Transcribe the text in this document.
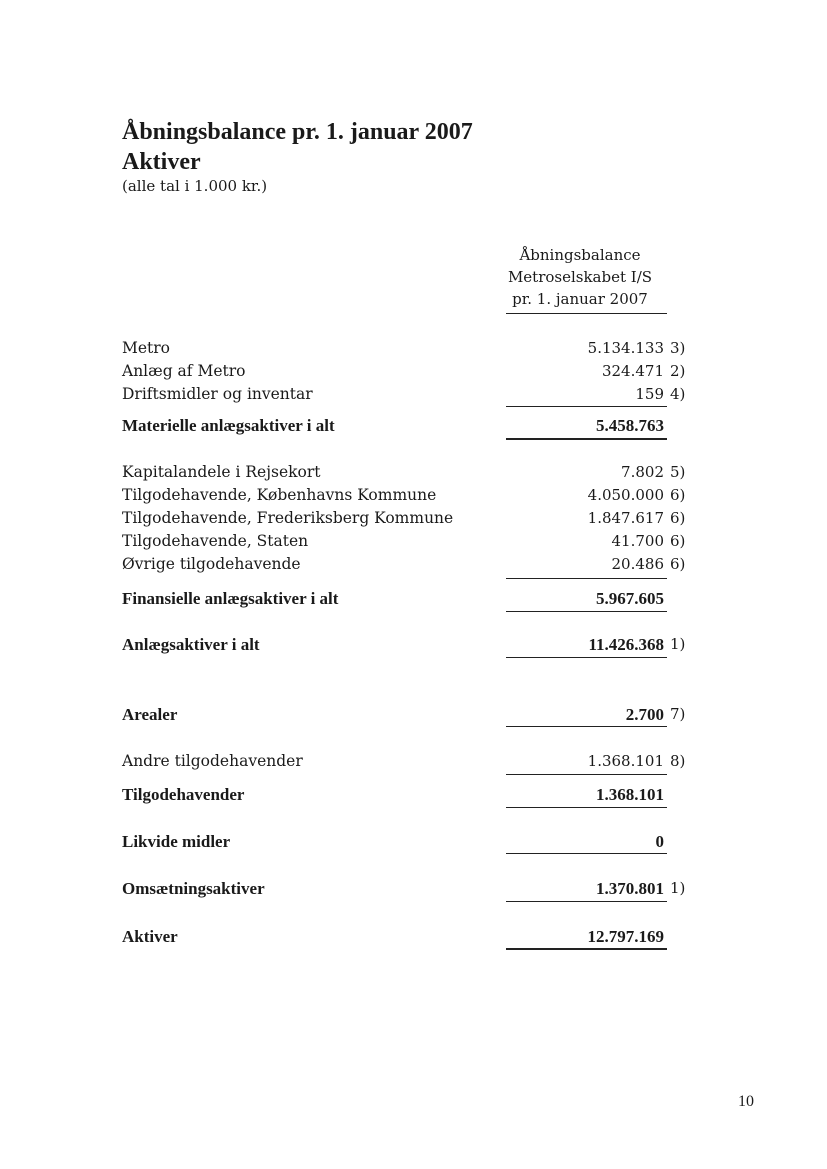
Åbningsbalance pr. 1. januar 2007
Aktiver
(alle tal i 1.000 kr.)
Åbningsbalance
Metroselskabet I/S
pr. 1. januar 2007
Metro	5.134.133 3)
Anlæg af Metro	324.471 2)
Driftsmidler og inventar	159 4)
Materielle anlægsaktiver i alt	5.458.763
Kapitalandele i Rejsekort	7.802 5)
Tilgodehavende, Københavns Kommune	4.050.000 6)
Tilgodehavende, Frederiksberg Kommune	1.847.617 6)
Tilgodehavende, Staten	41.700 6)
Øvrige tilgodehavende	20.486 6)
Finansielle anlægsaktiver i alt	5.967.605
Anlægsaktiver i alt	11.426.368 1)
Arealer	2.700 7)
Andre tilgodehavender	1.368.101 8)
Tilgodehavender	1.368.101
Likvide midler	0
Omsætningsaktiver	1.370.801 1)
Aktiver	12.797.169
10
